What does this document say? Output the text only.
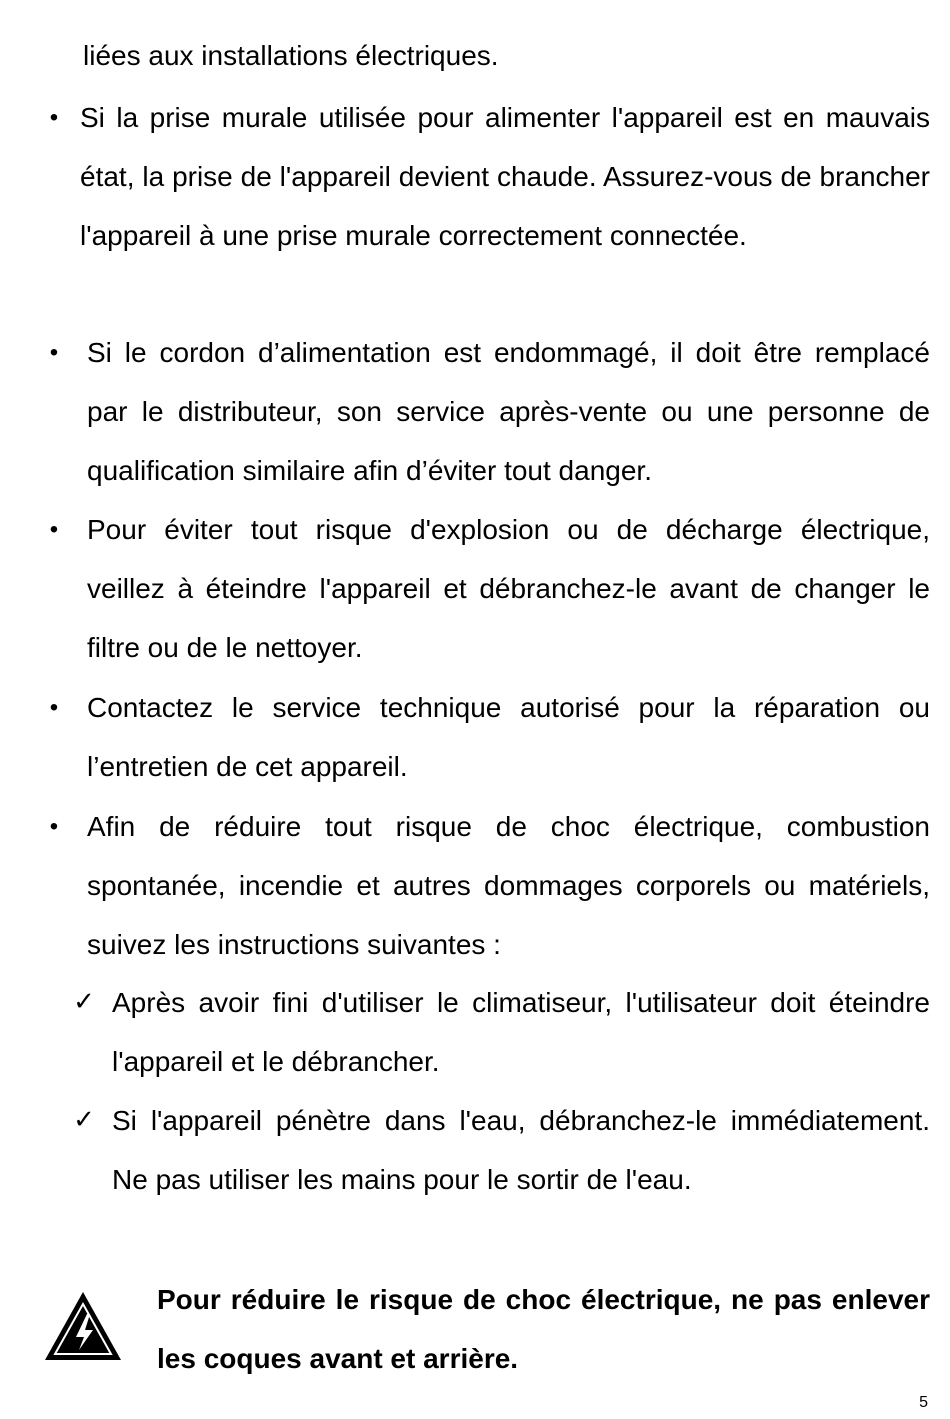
liées aux installations électriques.

• Si la prise murale utilisée pour alimenter l'appareil est en mauvais état, la prise de l'appareil devient chaude. Assurez-vous de brancher l'appareil à une prise murale correctement connectée.

• Si le cordon d’alimentation est endommagé, il doit être remplacé par le distributeur, son service après-vente ou une personne de qualification similaire afin d’éviter tout danger.

• Pour éviter tout risque d'explosion ou de décharge électrique, veillez à éteindre l'appareil et débranchez-le avant de changer le filtre ou de le nettoyer.

• Contactez le service technique autorisé pour la réparation ou l’entretien de cet appareil.

• Afin de réduire tout risque de choc électrique, combustion spontanée, incendie et autres dommages corporels ou matériels, suivez les instructions suivantes :

✓ Après avoir fini d'utiliser le climatiseur, l'utilisateur doit éteindre l'appareil et le débrancher.

✓ Si l'appareil pénètre dans l'eau, débranchez-le immédiatement. Ne pas utiliser les mains pour le sortir de l'eau.

Pour réduire le risque de choc électrique, ne pas enlever les coques avant et arrière.

5
